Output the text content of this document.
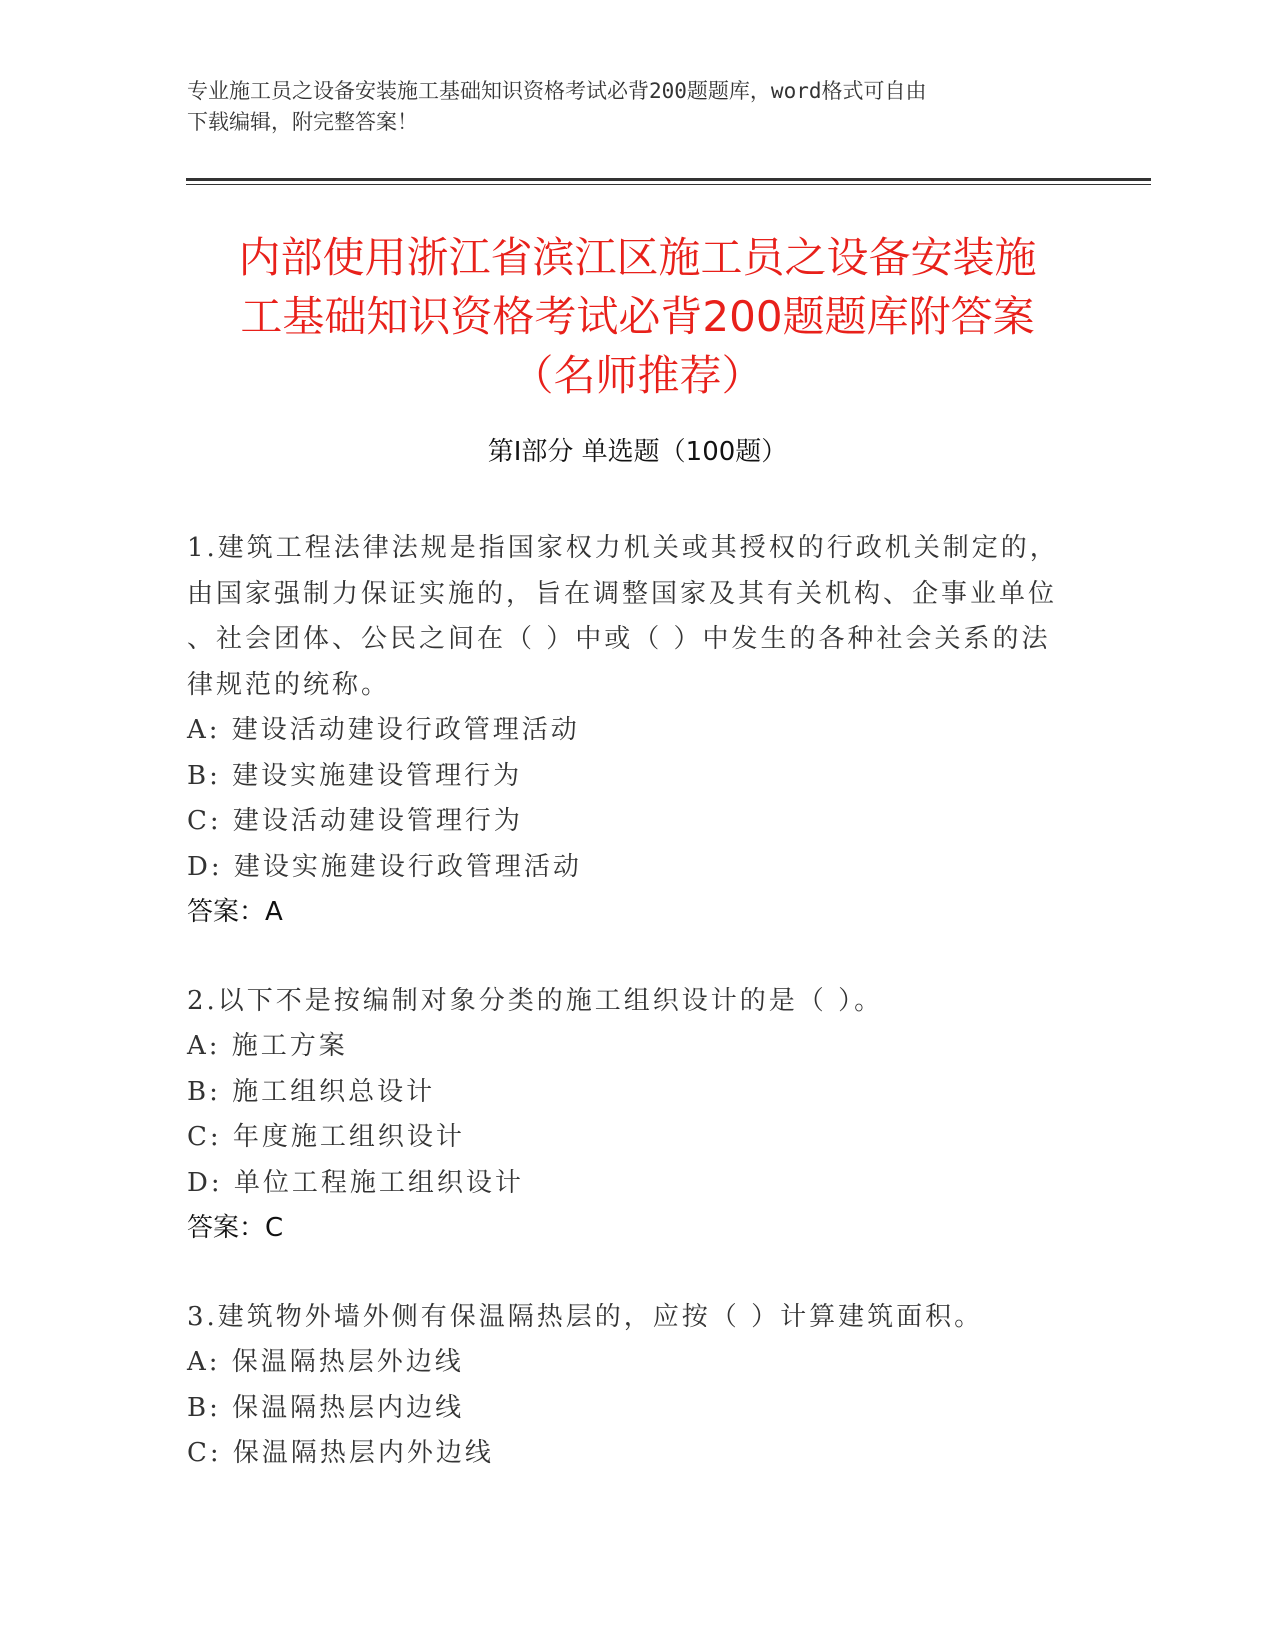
专业施工员之设备安装施工基础知识资格考试必背200题题库，word格式可自由
下载编辑，附完整答案！
内部使用浙江省滨江区施工员之设备安装施
工基础知识资格考试必背200题题库附答案
（名师推荐）
第I部分 单选题（100题）
1.建筑工程法律法规是指国家权力机关或其授权的行政机关制定的，
由国家强制力保证实施的，旨在调整国家及其有关机构、企事业单位
、社会团体、公民之间在（ ）中或（ ）中发生的各种社会关系的法
律规范的统称。
A: 建设活动建设行政管理活动
B: 建设实施建设管理行为
C: 建设活动建设管理行为
D: 建设实施建设行政管理活动
答案：A
2.以下不是按编制对象分类的施工组织设计的是（ ）。
A: 施工方案
B: 施工组织总设计
C: 年度施工组织设计
D: 单位工程施工组织设计
答案：C
3.建筑物外墙外侧有保温隔热层的，应按（ ）计算建筑面积。
A: 保温隔热层外边线
B: 保温隔热层内边线
C: 保温隔热层内外边线
